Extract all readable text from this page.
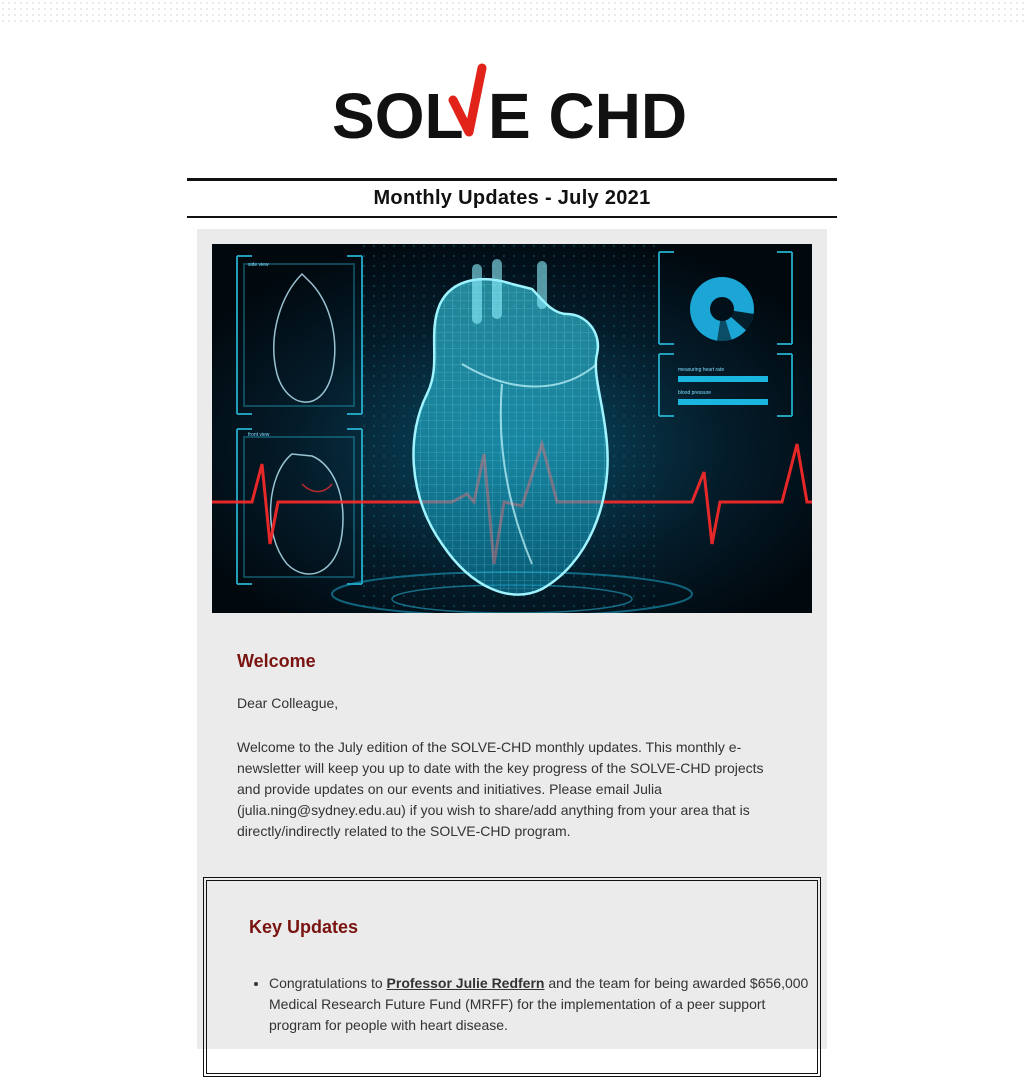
SOL E CHD
Monthly Updates - July 2021
side view
front view
measuring heart rate
blood pressure
Welcome
Dear Colleague,
Welcome to the July edition of the SOLVE-CHD monthly updates. This monthly e-newsletter will keep you up to date with the key progress of the SOLVE-CHD projects and provide updates on our events and initiatives. Please email Julia (julia.ning@sydney.edu.au) if you wish to share/add anything from your area that is directly/indirectly related to the SOLVE-CHD program.
Key Updates
• Congratulations to Professor Julie Redfern and the team for being awarded $656,000 Medical Research Future Fund (MRFF) for the implementation of a peer support program for people with heart disease.
